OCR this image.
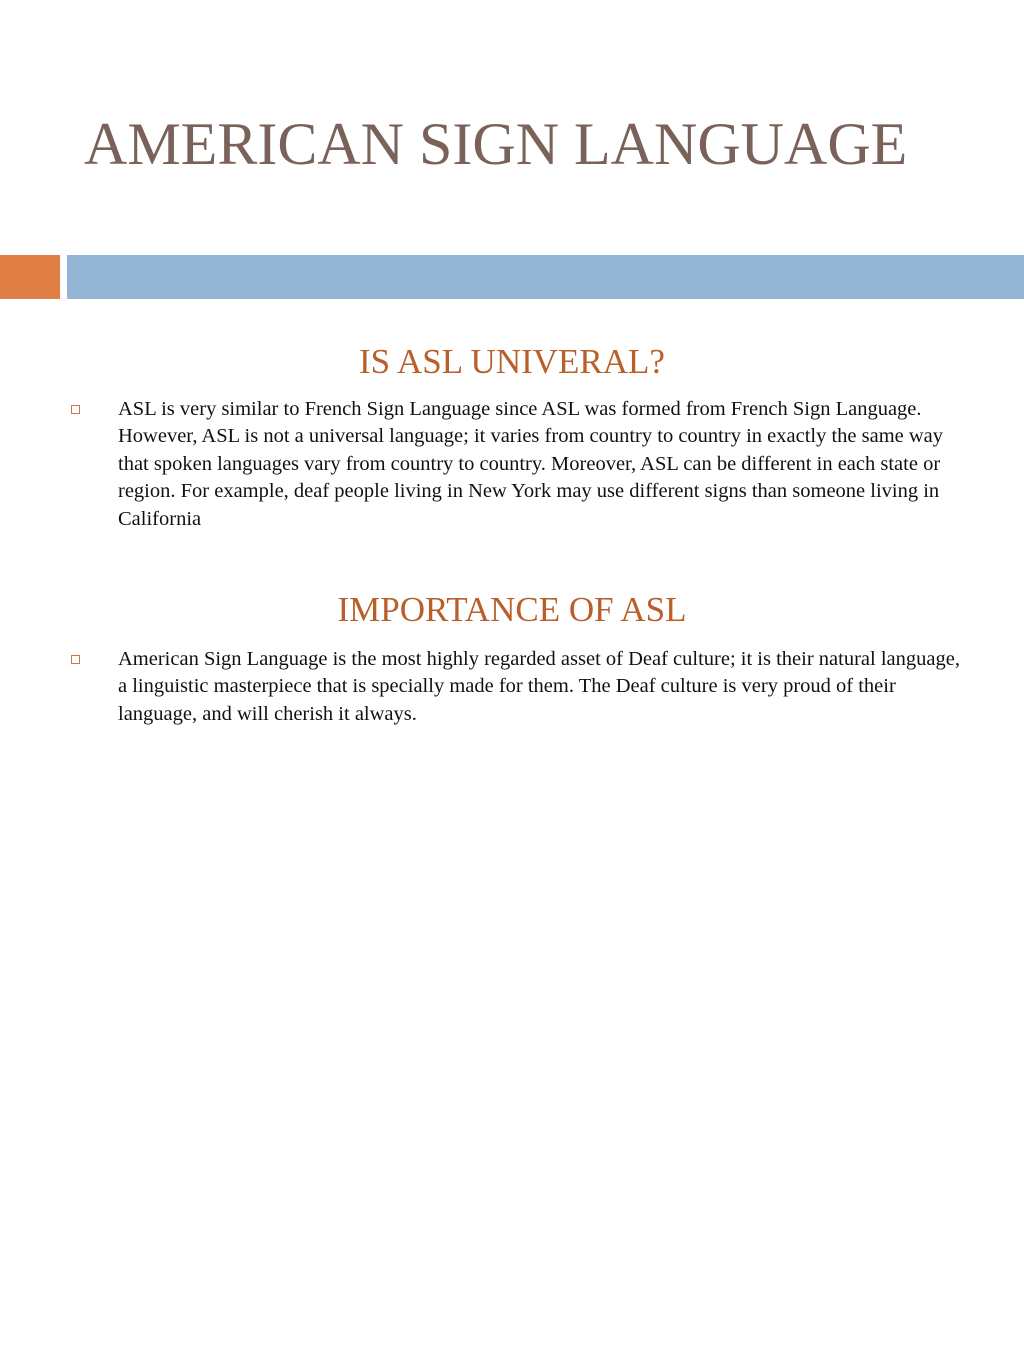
AMERICAN SIGN LANGUAGE
IS ASL UNIVERAL?

ASL is very similar to French Sign Language since ASL was formed from French Sign Language. However, ASL is not a universal language; it varies from country to country in exactly the same way that spoken languages vary from country to country. Moreover, ASL can be different in each state or region. For example, deaf people living in New York may use different signs than someone living in California

IMPORTANCE OF ASL

American Sign Language is the most highly regarded asset of Deaf culture; it is their natural language, a linguistic masterpiece that is specially made for them. The Deaf culture is very proud of their language, and will cherish it always.
